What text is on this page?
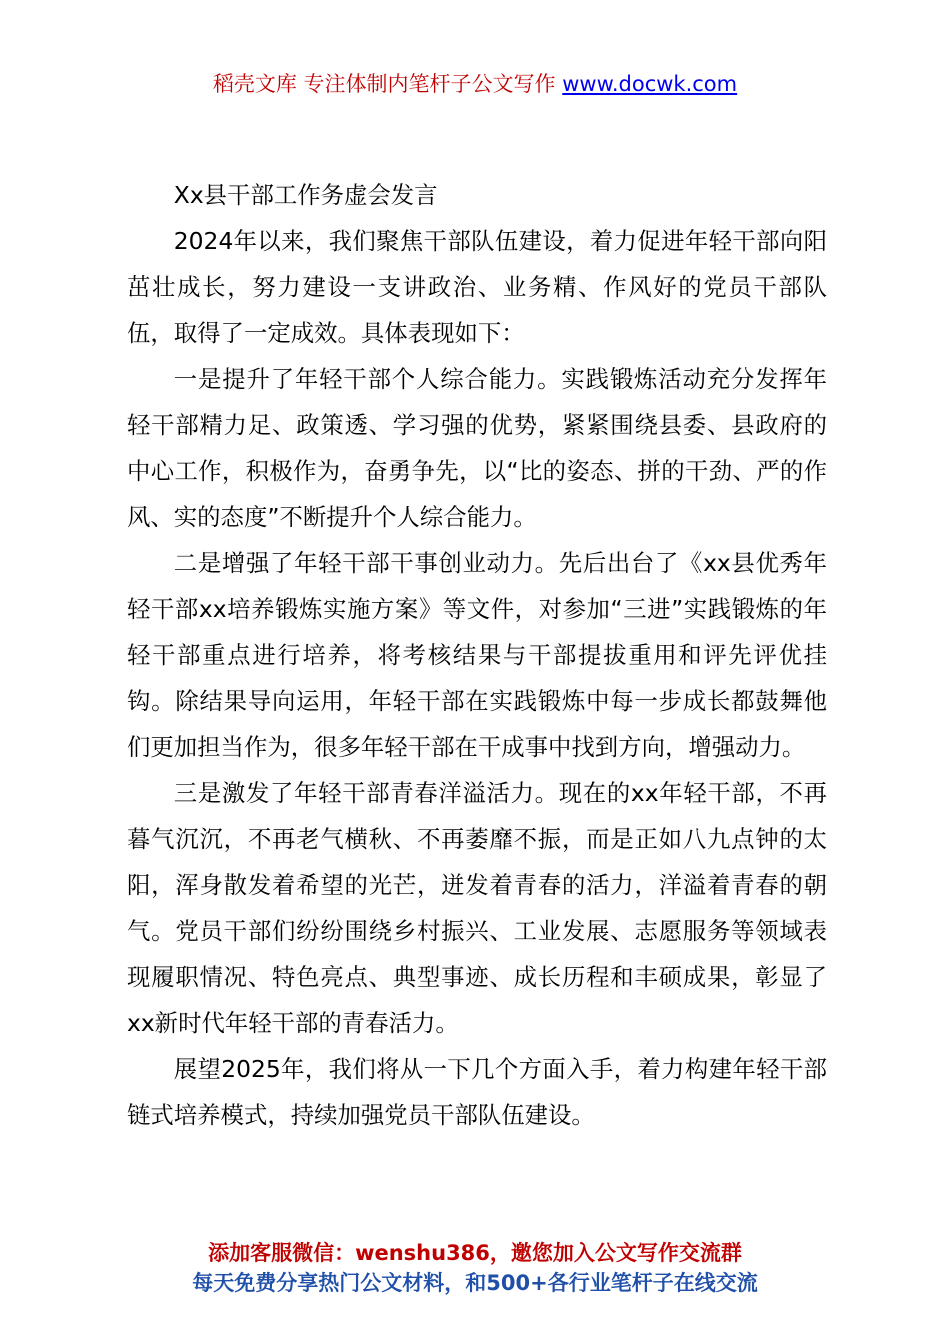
稻壳文库 专注体制内笔杆子公文写作 www.docwk.com

Xx县干部工作务虚会发言

2024年以来，我们聚焦干部队伍建设，着力促进年轻干部向阳茁壮成长，努力建设一支讲政治、业务精、作风好的党员干部队伍，取得了一定成效。具体表现如下：

一是提升了年轻干部个人综合能力。实践锻炼活动充分发挥年轻干部精力足、政策透、学习强的优势，紧紧围绕县委、县政府的中心工作，积极作为，奋勇争先，以“比的姿态、拼的干劲、严的作风、实的态度”不断提升个人综合能力。

二是增强了年轻干部干事创业动力。先后出台了《xx县优秀年轻干部xx培养锻炼实施方案》等文件，对参加“三进”实践锻炼的年轻干部重点进行培养，将考核结果与干部提拔重用和评先评优挂钩。除结果导向运用，年轻干部在实践锻炼中每一步成长都鼓舞他们更加担当作为，很多年轻干部在干成事中找到方向，增强动力。

三是激发了年轻干部青春洋溢活力。现在的xx年轻干部，不再暮气沉沉，不再老气横秋、不再萎靡不振，而是正如八九点钟的太阳，浑身散发着希望的光芒，迸发着青春的活力，洋溢着青春的朝气。党员干部们纷纷围绕乡村振兴、工业发展、志愿服务等领域表现履职情况、特色亮点、典型事迹、成长历程和丰硕成果，彰显了xx新时代年轻干部的青春活力。

展望2025年，我们将从一下几个方面入手，着力构建年轻干部链式培养模式，持续加强党员干部队伍建设。

添加客服微信：wenshu386，邀您加入公文写作交流群
每天免费分享热门公文材料，和500+各行业笔杆子在线交流
